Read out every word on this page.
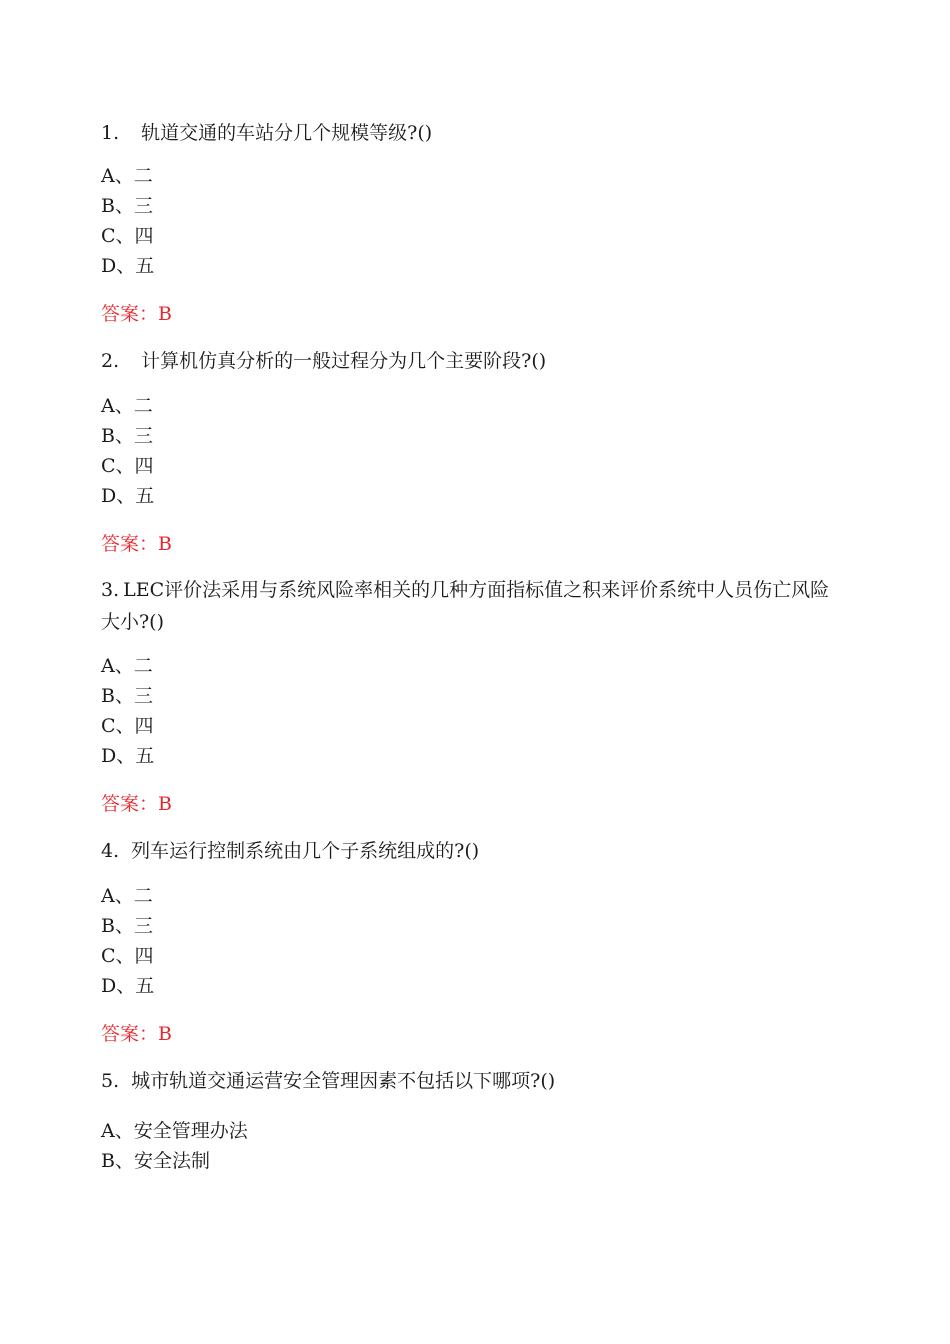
1. 轨道交通的车站分几个规模等级?()
A、二
B、三
C、四
D、五
答案：B
2. 计算机仿真分析的一般过程分为几个主要阶段?()
A、二
B、三
C、四
D、五
答案：B
3. LEC评价法采用与系统风险率相关的几种方面指标值之积来评价系统中人员伤亡风险大小?()
A、二
B、三
C、四
D、五
答案：B
4. 列车运行控制系统由几个子系统组成的?()
A、二
B、三
C、四
D、五
答案：B
5. 城市轨道交通运营安全管理因素不包括以下哪项?()
A、安全管理办法
B、安全法制
